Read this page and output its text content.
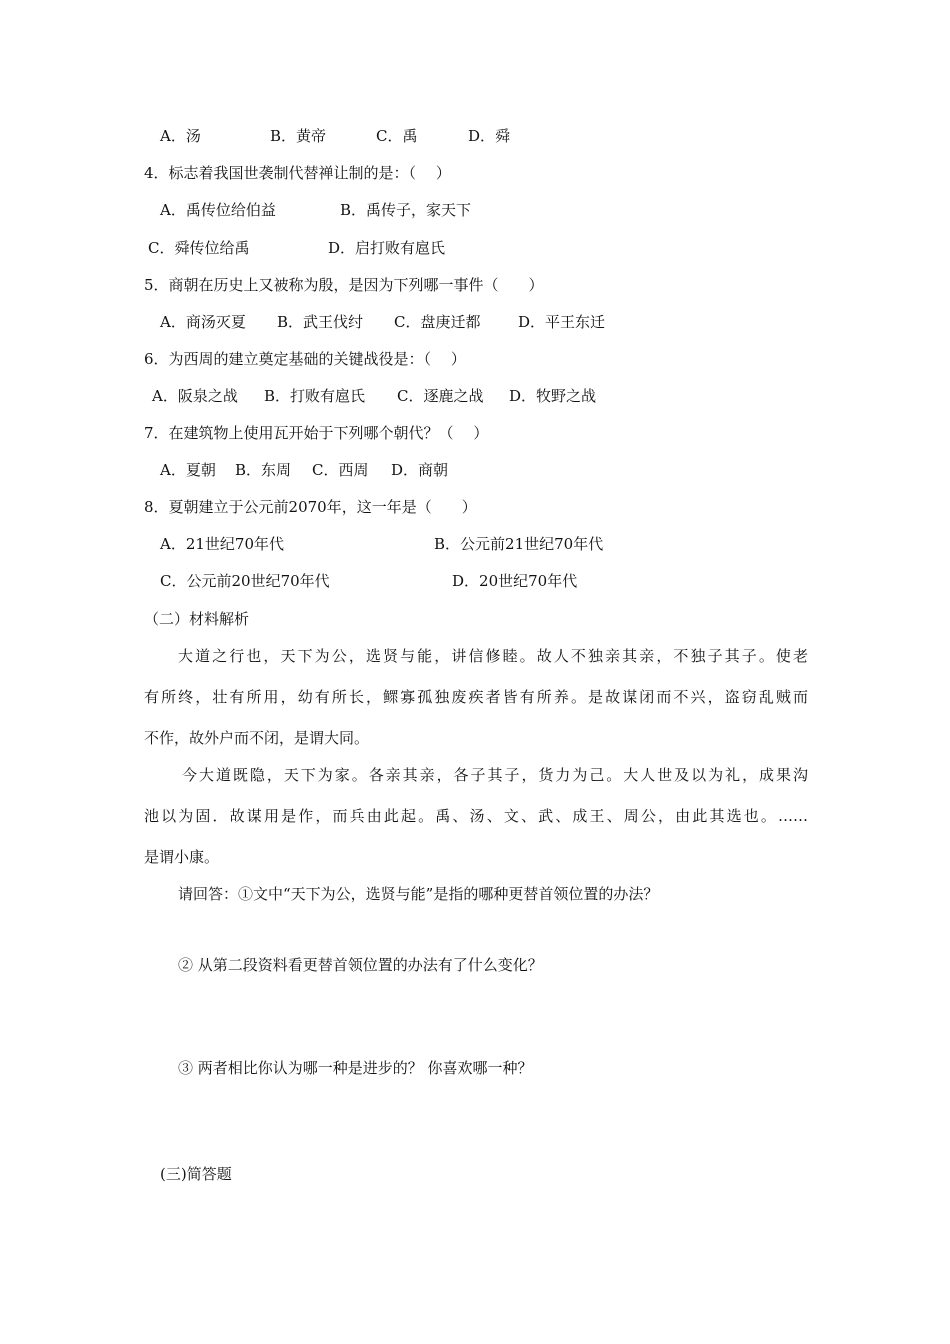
A．汤	B．黄帝	C．禹	D．舜
4．标志着我国世袭制代替禅让制的是：（　 ）
A．禹传位给伯益	B．禹传子，家天下
C．舜传位给禹	D．启打败有扈氏
5．商朝在历史上又被称为殷，是因为下列哪一事件（　　）
A．商汤灭夏 B．武王伐纣 C．盘庚迁都	D．平王东迁
6．为西周的建立奠定基础的关键战役是：（　 ）
A．阪泉之战 B．打败有扈氏 C．逐鹿之战 D．牧野之战
7．在建筑物上使用瓦开始于下列哪个朝代？（　 ）
A．夏朝 B．东周 C．西周 D．商朝
8．夏朝建立于公元前2070年，这一年是（　　）
A．21世纪70年代	B．公元前21世纪70年代
C．公元前20世纪70年代	D．20世纪70年代
（二）材料解析
大道之行也，天下为公，选贤与能，讲信修睦。故人不独亲其亲，不独子其子。使老
有所终，壮有所用，幼有所长，鳏寡孤独废疾者皆有所养。是故谋闭而不兴，盗窃乱贼而
不作，故外户而不闭，是谓大同。
今大道既隐，天下为家。各亲其亲，各子其子，货力为己。大人世及以为礼，成果沟
池以为固．故谋用是作，而兵由此起。禹、汤、文、武、成王、周公，由此其选也。……
是谓小康。
请回答：①文中“天下为公，选贤与能”是指的哪种更替首领位置的办法？
② 从第二段资料看更替首领位置的办法有了什么变化？
③ 两者相比你认为哪一种是进步的？ 你喜欢哪一种？
(三)简答题
